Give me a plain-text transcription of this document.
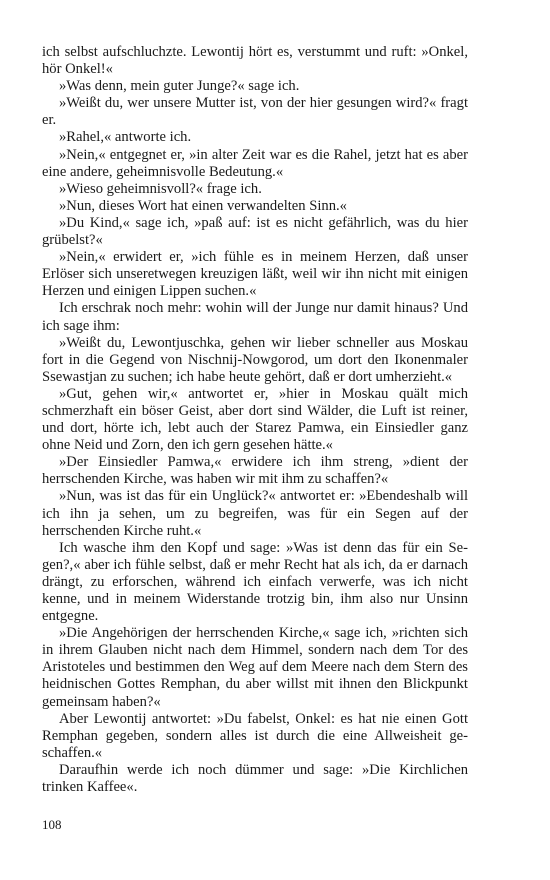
ich selbst aufschluchzte. Lewontij hört es, verstummt und ruft: »Onkel, hör Onkel!«

»Was denn, mein guter Junge?« sage ich.

»Weißt du, wer unsere Mutter ist, von der hier gesungen wird?« fragt er.

»Rahel,« antworte ich.

»Nein,« entgegnet er, »in alter Zeit war es die Rahel, jetzt hat es aber eine andere, geheimnisvolle Bedeutung.«

»Wieso geheimnisvoll?« frage ich.

»Nun, dieses Wort hat einen verwandelten Sinn.«

»Du Kind,« sage ich, »paß auf: ist es nicht gefährlich, was du hier grübelst?«

»Nein,« erwidert er, »ich fühle es in meinem Herzen, daß unser Erlöser sich unseretwegen kreuzigen läßt, weil wir ihn nicht mit einigen Herzen und einigen Lippen suchen.«

Ich erschrak noch mehr: wohin will der Junge nur damit hinaus? Und ich sage ihm:

»Weißt du, Lewontjuschka, gehen wir lieber schneller aus Moskau fort in die Gegend von Nischnij-Nowgorod, um dort den Ikonenmaler Ssewastjan zu suchen; ich habe heute gehört, daß er dort umherzieht.«

»Gut, gehen wir,« antwortet er, »hier in Moskau quält mich schmerzhaft ein böser Geist, aber dort sind Wälder, die Luft ist reiner, und dort, hörte ich, lebt auch der Starez Pamwa, ein Einsiedler ganz ohne Neid und Zorn, den ich gern gesehen hätte.«

»Der Einsiedler Pamwa,« erwidere ich ihm streng, »dient der herrschenden Kirche, was haben wir mit ihm zu schaffen?«

»Nun, was ist das für ein Unglück?« antwortet er: »Ebendeshalb will ich ihn ja sehen, um zu begreifen, was für ein Segen auf der herrschenden Kirche ruht.«

Ich wasche ihm den Kopf und sage: »Was ist denn das für ein Segen?,« aber ich fühle selbst, daß er mehr Recht hat als ich, da er darnach drängt, zu erforschen, während ich einfach verwerfe, was ich nicht kenne, und in meinem Widerstande trotzig bin, ihm also nur Unsinn entgegne.

»Die Angehörigen der herrschenden Kirche,« sage ich, »richten sich in ihrem Glauben nicht nach dem Himmel, sondern nach dem Tor des Aristoteles und bestimmen den Weg auf dem Meere nach dem Stern des heidnischen Gottes Remphan, du aber willst mit ihnen den Blickpunkt gemeinsam haben?«

Aber Lewontij antwortet: »Du fabelst, Onkel: es hat nie einen Gott Remphan gegeben, sondern alles ist durch die eine Allweisheit geschaffen.«

Daraufhin werde ich noch dümmer und sage: »Die Kirchlichen trinken Kaffee«.

108
